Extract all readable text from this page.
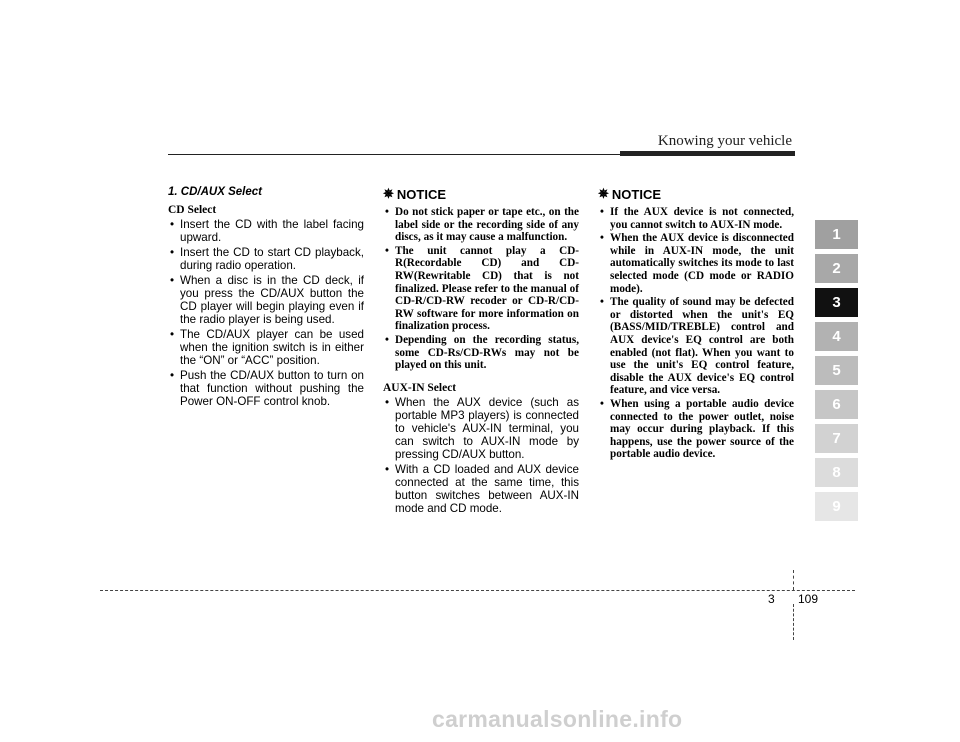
Knowing your vehicle
1. CD/AUX Select
CD Select
• Insert the CD with the label facing upward.
• Insert the CD to start CD playback, during radio operation.
• When a disc is in the CD deck, if you press the CD/AUX button the CD player will begin playing even if the radio player is being used.
• The CD/AUX player can be used when the ignition switch is in either the “ON” or “ACC” position.
• Push the CD/AUX button to turn on that function without pushing the Power ON-OFF control knob.
✵ NOTICE
• Do not stick paper or tape etc., on the label side or the recording side of any discs, as it may cause a malfunction.
• The unit cannot play a CD-R(Recordable CD) and CD-RW(Rewritable CD) that is not finalized. Please refer to the manual of CD-R/CD-RW recoder or CD-R/CD-RW software for more information on finalization process.
• Depending on the recording status, some CD-Rs/CD-RWs may not be played on this unit.
AUX-IN Select
• When the AUX device (such as portable MP3 players) is connected to vehicle's AUX-IN terminal, you can switch to AUX-IN mode by pressing CD/AUX button.
• With a CD loaded and AUX device connected at the same time, this button switches between AUX-IN mode and CD mode.
✵ NOTICE
• If the AUX device is not connected, you cannot switch to AUX-IN mode.
• When the AUX device is disconnected while in AUX-IN mode, the unit automatically switches its mode to last selected mode (CD mode or RADIO mode).
• The quality of sound may be defected or distorted when the unit's EQ (BASS/MID/TREBLE) control and AUX device's EQ control are both enabled (not flat). When you want to use the unit's EQ control feature, disable the AUX device's EQ control feature, and vice versa.
• When using a portable audio device connected to the power outlet, noise may occur during playback. If this happens, use the power source of the portable audio device.
1
2
3
4
5
6
7
8
9
3 109
carmanualsonline.info
